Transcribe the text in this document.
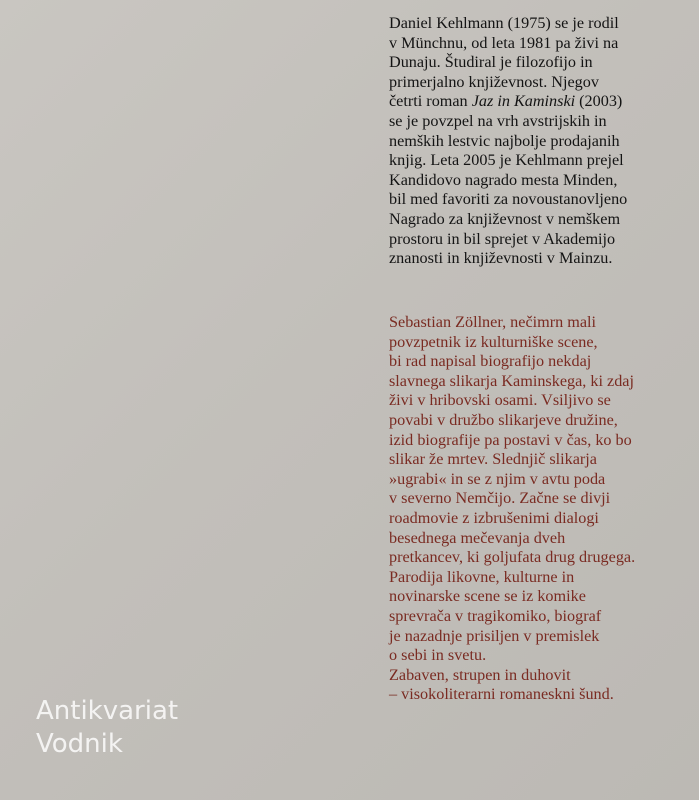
Daniel Kehlmann (1975) se je rodil
v Münchnu, od leta 1981 pa živi na
Dunaju. Študiral je filozofijo in
primerjalno književnost. Njegov
četrti roman Jaz in Kaminski (2003)
se je povzpel na vrh avstrijskih in
nemških lestvic najbolje prodajanih
knjig. Leta 2005 je Kehlmann prejel
Kandidovo nagrado mesta Minden,
bil med favoriti za novoustanovljeno
Nagrado za književnost v nemškem
prostoru in bil sprejet v Akademijo
znanosti in književnosti v Mainzu.
Sebastian Zöllner, nečimrn mali
povzpetnik iz kulturniške scene,
bi rad napisal biografijo nekdaj
slavnega slikarja Kaminskega, ki zdaj
živi v hribovski osami. Vsiljivo se
povabi v družbo slikarjeve družine,
izid biografije pa postavi v čas, ko bo
slikar že mrtev. Slednjič slikarja
»ugrabi« in se z njim v avtu poda
v severno Nemčijo. Začne se divji
roadmovie z izbrušenimi dialogi
besednega mečevanja dveh
pretkancev, ki goljufata drug drugega.
Parodija likovne, kulturne in
novinarske scene se iz komike
sprevrača v tragikomiko, biograf
je nazadnje prisiljen v premislek
o sebi in svetu.
Zabaven, strupen in duhovit
– visokoliterarni romaneskni šund.
Antikvariat
Vodnik
